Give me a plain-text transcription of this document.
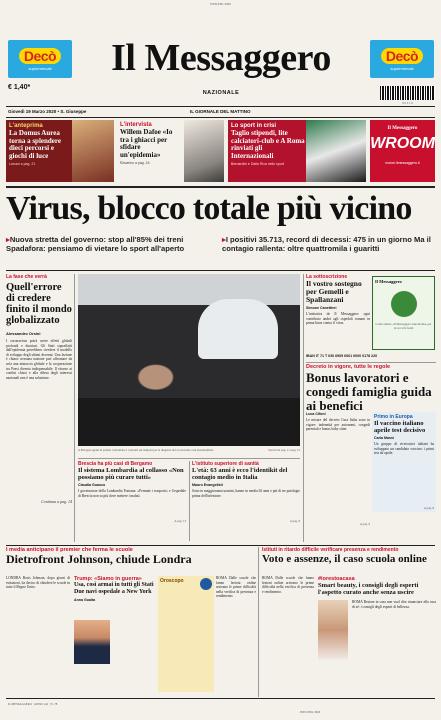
ISSN 0391-3929
Decò
supermercati
Decò
supermercati
Il Messaggero
NAZIONALE
€ 1,40*
Giovedì 19 Marzo 2020 • S. Giuseppe	IL GIORNALE DEL MATTINO
0 0 3 1 9
L'anteprima
La Domus Aurea torna a splendere dieci percorsi e giochi di luce
Larcan a pag. 21
L'intervista
Willem Dafoe «Io tra i ghiacci per sfidare un'epidemia»
Ravarino a pag. 24
Lo sport in crisi
Taglio stipendi, lite calciatori-club e A Roma rinviati gli Internazionali
Bernardini e Dalla Riva nello sport
Il Messaggero
WROOM
motori.ilmessaggero.it
Virus, blocco totale più vicino
▸Nuova stretta del governo: stop all'85% dei treni Spadafora: pensiamo di vietare lo sport all'aperto
▸I positivi 35.713, record di decessi: 475 in un giorno Ma il contagio rallenta: oltre quattromila i guaritti
La fase che verrà
Quell'errore di credere finito il mondo globalizzato
Alessandro Orsini
I coronavirus potrà avere effetti globali profondi e duraturi. Gli Stati sopraffatti dall'epidemia potrebbero rivedere il modello di sviluppo degli ultimi decenni. Una lezione è chiara: nessuna nazione può affrontare da sola una minaccia globale e la cooperazione tra Paesi diventa indispensabile. Il ritorno ai confini chiusi e alla difesa degli interessi nazionali non è una soluzione.
Continua a pag. 14
A Bologna agenti di polizia controllano i controlli sui tamponi per la diagnosi del coronavirus a un automobilista	Servizi da pag. 2 a pag. 15
Brescia ha più casi di Bergamo
Il sistema Lombardia al collasso «Non possiamo più curare tutti»
Claudia Guasco
I governatore della Lombardia Fontana: «Fermate i trasporti» e l'ospedale di Brescia non sa più dove mettere i malati.
A pag. 13
L'istituto superiore di sanità
L'età: 63 anni è ecco l'identikit del contagio medio in Italia
Mauro Evangelisti
Sono in maggioranza uomini, hanno in media 63 anni e più di tre patologie prima dell'infezione.
A pag. 8
La sottoscrizione
Il vostro sostegno per Gemelli e Spallanzani
Simone Canettieri
L'iniziativa de Il Messaggero: ogni contributo andrà agli ospedali romani in prima linea contro il virus.
Il Messaggero
Come aiutare «Il Messaggero aiuta Roma» per la raccolta fondi
IBAN IT 71 T 030 6909 6061 0000 0178 220
Decreto in vigore, tutte le regole
Bonus lavoratori e congedi famiglia guida ai benefici
Luca Cifoni
Le misure del decreto Cura Italia sono in vigore: indennità per autonomi, congedi parentali e bonus baby sitter.
A pag. 9
Primo in Europa
Il vaccino italiano aprile test decisivo
Carla Massi
Un gruppo di ricercatori italiani ha sviluppato un candidato vaccino: i primi test ad aprile.
A pag. 8
I media anticipano il premier che ferma le scuole
Dietrofront Johnson, chiude Londra
Istituti in ritardo difficile verificare presenza e rendimento
Voto e assenze, il caso scuola online
LONDRA Boris Johnson, dopo giorni di esitazioni, ha deciso di chiudere le scuole in tutto il Regno Unito.
Trump: «Siamo in guerra»
Usa, così armai in tutti gli Stati Due navi ospedale a New York
Anna Guaita
Oroscopo	ROMA Dalle scuole che fanno lezioni online arrivano le prime difficoltà nella verifica di presenza e rendimento.
ROMA Dalle scuole che fanno lezioni online arrivano le prime difficoltà nella verifica di presenza e rendimento.
#iorestoacasa
Smart beauty, i consigli degli esperti l'aspetto curato anche senza uscire
ROMA Restare in casa non vuol dire rinunciare alla cura di sé: i consigli degli esperti di bellezza.
IL MESSAGGERO · ANNO 142 · N. 78
ISSN 0391-3929
